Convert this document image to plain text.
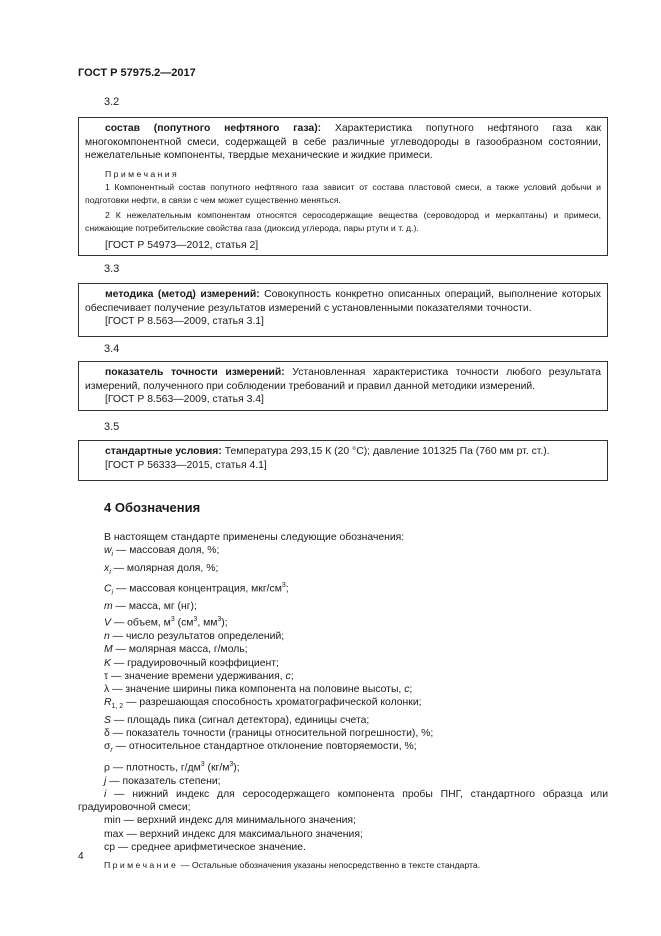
ГОСТ Р 57975.2—2017
3.2

состав (попутного нефтяного газа): Характеристика попутного нефтяного газа как многокомпонентной смеси, содержащей в себе различные углеводороды в газообразном состоянии, нежелательные компоненты, твердые механические и жидкие примеси.

Примечания

1 Компонентный состав попутного нефтяного газа зависит от состава пластовой смеси, а также условий добычи и подготовки нефти, в связи с чем может существенно меняться.

2 К нежелательным компонентам относятся серосодержащие вещества (сероводород и меркаптаны) и примеси, снижающие потребительские свойства газа (диоксид углерода, пары ртути и т. д.).

[ГОСТ Р 54973—2012, статья 2]

3.3

методика (метод) измерений: Совокупность конкретно описанных операций, выполнение которых обеспечивает получение результатов измерений с установленными показателями точности.

[ГОСТ Р 8.563—2009, статья 3.1]

3.4

показатель точности измерений: Установленная характеристика точности любого результата измерений, полученного при соблюдении требований и правил данной методики измерений.

[ГОСТ Р 8.563—2009, статья 3.4]

3.5

стандартные условия: Температура 293,15 К (20 °С); давление 101325 Па (760 мм рт. ст.).

[ГОСТ Р 56333—2015, статья 4.1]

4 Обозначения

В настоящем стандарте применены следующие обозначения:

$w_i$ — массовая доля, %;

$x_i$ — молярная доля, %;

$C_i$ — массовая концентрация, мкг/$см^3$;

m — масса, мг (нг);

V — объем, $м^3$ ($см^3$, $мм^3$);

n — число результатов определений;

M — молярная масса, г/моль;

K — градуировочный коэффициент;

τ — значение времени удерживания, c;

λ — значение ширины пика компонента на половине высоты, c;

$R_{1, 2}$ — разрешающая способность хроматографической колонки;

S — площадь пика (сигнал детектора), единицы счета;

δ — показатель точности (границы относительной погрешности), %;

$\sigma_r$ — относительное стандартное отклонение повторяемости, %;

ρ — плотность, $г/дм^3$ $(кг/м^3)$;

j — показатель степени;

i — нижний индекс для серосодержащего компонента пробы ПНГ, стандартного образца или градуировочной смеси;

min — верхний индекс для минимального значения;

max — верхний индекс для максимального значения;

ср — среднее арифметическое значение.

Примечание — Остальные обозначения указаны непосредственно в тексте стандарта.

4
